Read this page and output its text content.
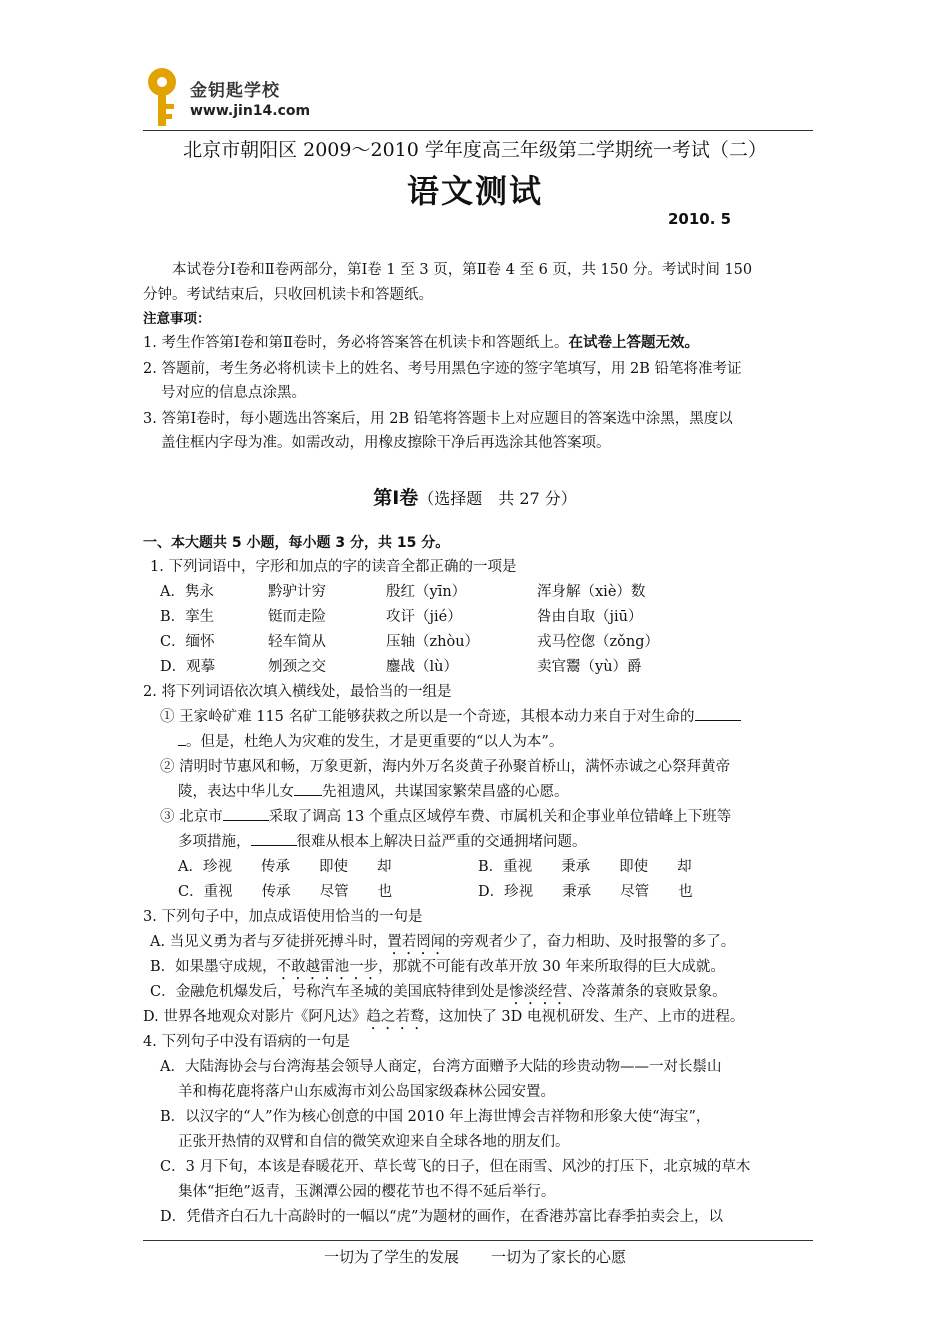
金钥匙学校
www.jin14.com
北京市朝阳区 2009～2010 学年度高三年级第二学期统一考试（二）
语文测试
2010. 5
本试卷分Ⅰ卷和Ⅱ卷两部分，第Ⅰ卷 1 至 3 页，第Ⅱ卷 4 至 6 页，共 150 分。考试时间 150
分钟。考试结束后，只收回机读卡和答题纸。
注意事项：
1. 考生作答第Ⅰ卷和第Ⅱ卷时，务必将答案答在机读卡和答题纸上。在试卷上答题无效。
2. 答题前，考生务必将机读卡上的姓名、考号用黑色字迹的签字笔填写，用 2B 铅笔将准考证
号对应的信息点涂黑。
3. 答第Ⅰ卷时，每小题选出答案后，用 2B 铅笔将答题卡上对应题目的答案选中涂黑，黑度以
盖住框内字母为准。如需改动，用橡皮擦除干净后再选涂其他答案项。
第Ⅰ卷（选择题　共 27 分）
一、本大题共 5 小题，每小题 3 分，共 15 分。
1. 下列词语中，字形和加点的字的读音全都正确的一项是
A．隽永	黔驴计穷	殷红（yīn）	浑身解（xiè）数
B．挛生	铤而走险	攻讦（jié）	咎由自取（jiū）
C．缅怀	轻车简从	压轴（zhòu）	戎马倥偬（zǒng）
D．观摹	刎颈之交	鏖战（lù）	卖官鬻（yù）爵
2. 将下列词语依次填入横线处，最恰当的一组是
① 王家岭矿难 115 名矿工能够获救之所以是一个奇迹，其根本动力来自于对生命的
。但是，杜绝人为灾难的发生，才是更重要的“以人为本”。
② 清明时节惠风和畅，万象更新，海内外万名炎黄子孙聚首桥山，满怀赤诚之心祭拜黄帝
陵，表达中华儿女 先祖遗风，共谋国家繁荣昌盛的心愿。
③ 北京市	采取了调高 13 个重点区域停车费、市属机关和企事业单位错峰上下班等
多项措施，	很难从根本上解决日益严重的交通拥堵问题。
A．珍视　　传承　　即使　　却	B．重视　　秉承　　即使　　却
C．重视　　传承　　尽管　　也	D．珍视　　秉承　　尽管　　也
3. 下列句子中，加点成语使用恰当的一句是
A. 当见义勇为者与歹徒拼死搏斗时，置若罔闻的旁观者少了，奋力相助、及时报警的多了。
B．如果墨守成规，不敢越雷池一步，那就不可能有改革开放 30 年来所取得的巨大成就。
C．金融危机爆发后，号称汽车圣城的美国底特律到处是惨淡经营、冷落萧条的衰败景象。
D. 世界各地观众对影片《阿凡达》趋之若鹜，这加快了 3D 电视机研发、生产、上市的进程。
4. 下列句子中没有语病的一句是
A．大陆海协会与台湾海基会领导人商定，台湾方面赠予大陆的珍贵动物——一对长鬃山
羊和梅花鹿将落户山东威海市刘公岛国家级森林公园安置。
B．以汉字的“人”作为核心创意的中国 2010 年上海世博会吉祥物和形象大使“海宝”，
正张开热情的双臂和自信的微笑欢迎来自全球各地的朋友们。
C．3 月下旬，本该是春暖花开、草长莺飞的日子，但在雨雪、风沙的打压下，北京城的草木
集体“拒绝”返青，玉渊潭公园的樱花节也不得不延后举行。
D．凭借齐白石九十高龄时的一幅以“虎”为题材的画作，在香港苏富比春季拍卖会上，以
一切为了学生的发展 一切为了家长的心愿
